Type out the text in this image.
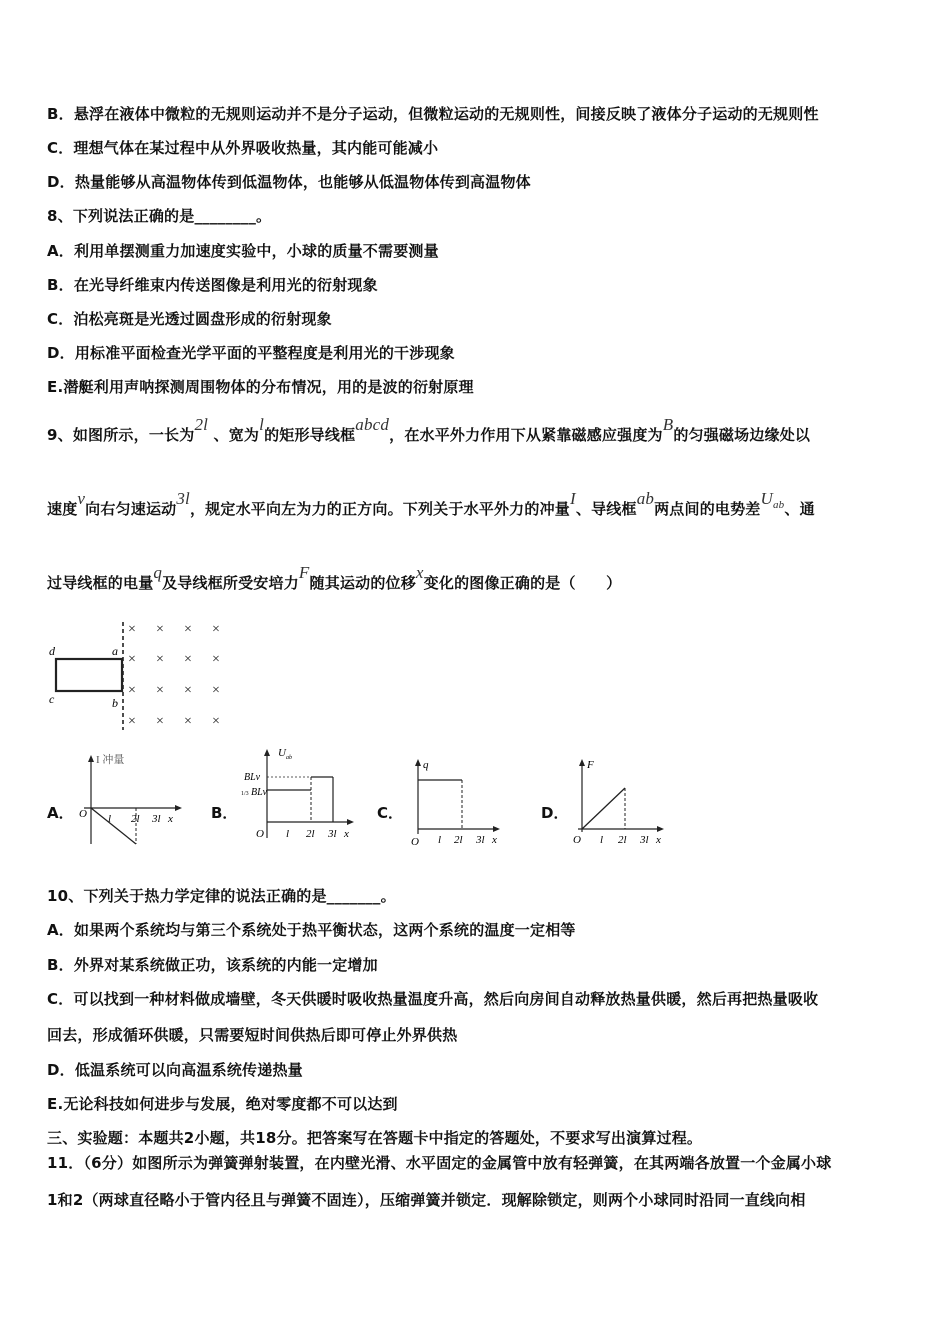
B．悬浮在液体中微粒的无规则运动并不是分子运动，但微粒运动的无规则性，间接反映了液体分子运动的无规则性
C．理想气体在某过程中从外界吸收热量，其内能可能减小
D．热量能够从高温物体传到低温物体，也能够从低温物体传到高温物体
8、下列说法正确的是________。
A．利用单摆测重力加速度实验中，小球的质量不需要测量
B．在光导纤维束内传送图像是利用光的衍射现象
C．泊松亮斑是光透过圆盘形成的衍射现象
D．用标准平面检查光学平面的平整程度是利用光的干涉现象
E.潜艇利用声呐探测周围物体的分布情况，用的是波的衍射原理
9、如图所示，一长为2l 、宽为l的矩形导线框abcd，在水平外力作用下从紧靠磁感应强度为B的匀强磁场边缘处以
速度v向右匀速运动3l，规定水平向左为力的正方向。下列关于水平外力的冲量I、导线框ab两点间的电势差$U^{ab}$、通
过导线框的电量q及导线框所受安培力F随其运动的位移x变化的图像正确的是（　　）
d	a
c	b
× × × ×
× × × ×
× × × ×
× × × ×
A．
I 冲量
O l 2l 3l x	B．
U ab
BLv
1/3 BLv
O l 2l 3l x
C．
q
O l 2l 3l x
D．
F
O l 2l 3l x
10、下列关于热力学定律的说法正确的是_______。
A．如果两个系统均与第三个系统处于热平衡状态，这两个系统的温度一定相等
B．外界对某系统做正功，该系统的内能一定增加
C．可以找到一种材料做成墙壁，冬天供暖时吸收热量温度升高，然后向房间自动释放热量供暖，然后再把热量吸收
回去，形成循环供暖，只需要短时间供热后即可停止外界供热
D．低温系统可以向高温系统传递热量
E.无论科技如何进步与发展，绝对零度都不可以达到
三、实验题：本题共2小题，共18分。把答案写在答题卡中指定的答题处，不要求写出演算过程。
11．（6分）如图所示为弹簧弹射装置，在内壁光滑、水平固定的金属管中放有轻弹簧，在其两端各放置一个金属小球
1和2（两球直径略小于管内径且与弹簧不固连），压缩弹簧并锁定．现解除锁定，则两个小球同时沿同一直线向相
